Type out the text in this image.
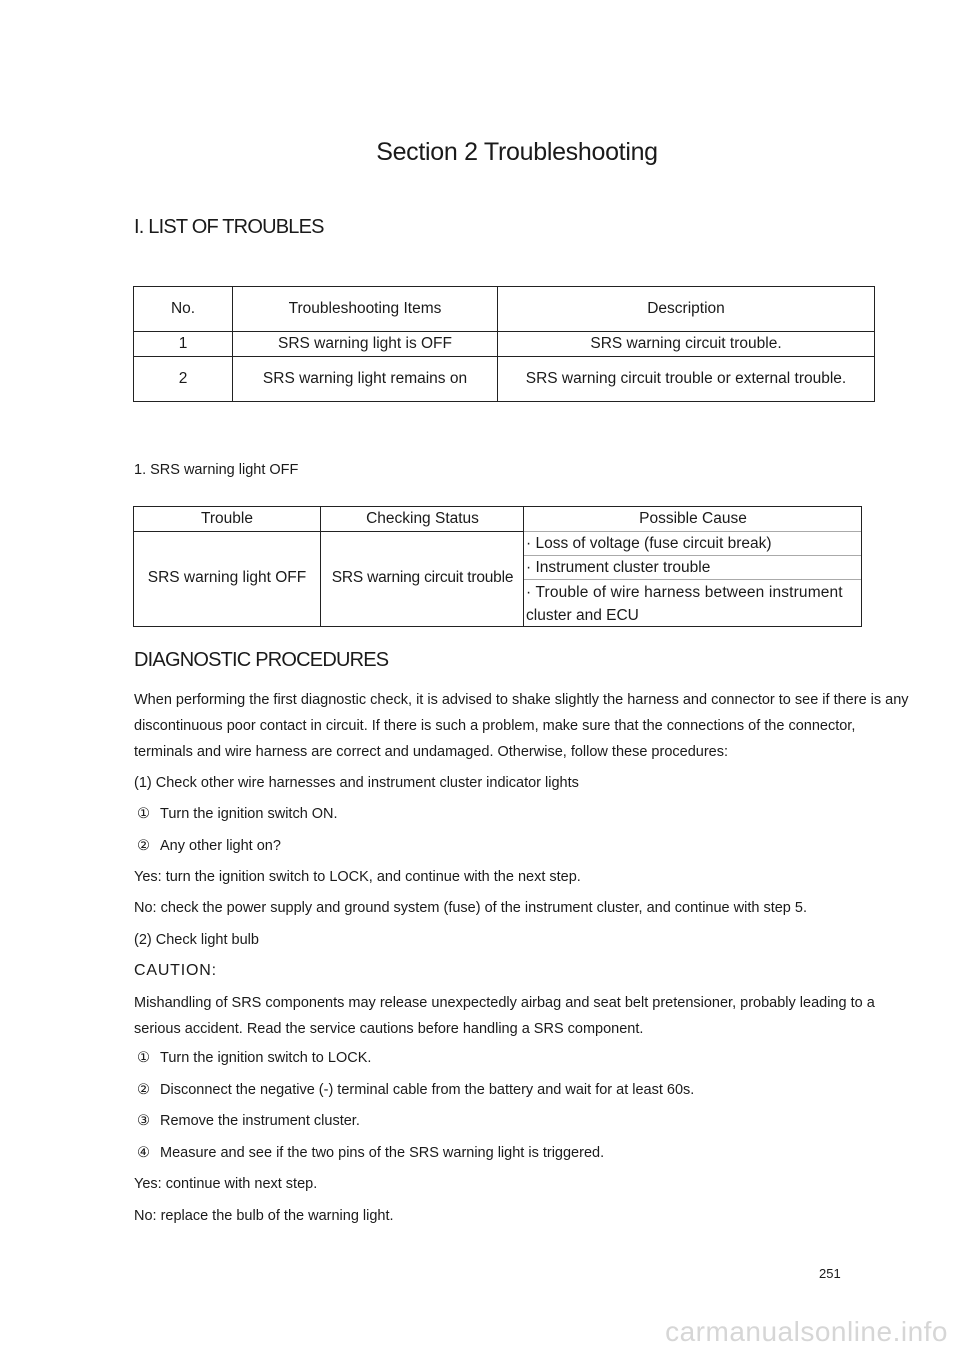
Section 2 Troubleshooting
I. LIST OF TROUBLES
No.	Troubleshooting Items	Description
1	SRS warning light is OFF	SRS warning circuit trouble.
2	SRS warning light remains on	SRS warning circuit trouble or external trouble.
1. SRS warning light OFF
Trouble	Checking Status	Possible Cause
SRS warning light OFF	SRS warning circuit trouble
· Loss of voltage (fuse circuit break)
· Instrument cluster trouble
· Trouble of wire harness between instrument
cluster and ECU
DIAGNOSTIC PROCEDURES
When performing the first diagnostic check, it is advised to shake slightly the harness and connector to see if there is any discontinuous poor contact in circuit. If there is such a problem, make sure that the connections of the connector, terminals and wire harness are correct and undamaged. Otherwise, follow these procedures:
(1) Check other wire harnesses and instrument cluster indicator lights
① Turn the ignition switch ON.
② Any other light on?
Yes: turn the ignition switch to LOCK, and continue with the next step.
No: check the power supply and ground system (fuse) of the instrument cluster, and continue with step 5.
(2) Check light bulb
CAUTION:
Mishandling of SRS components may release unexpectedly airbag and seat belt pretensioner, probably leading to a serious accident. Read the service cautions before handling a SRS component.
① Turn the ignition switch to LOCK.
② Disconnect the negative (-) terminal cable from the battery and wait for at least 60s.
③ Remove the instrument cluster.
④ Measure and see if the two pins of the SRS warning light is triggered.
Yes: continue with next step.
No: replace the bulb of the warning light.
251
carmanualsonline.info
